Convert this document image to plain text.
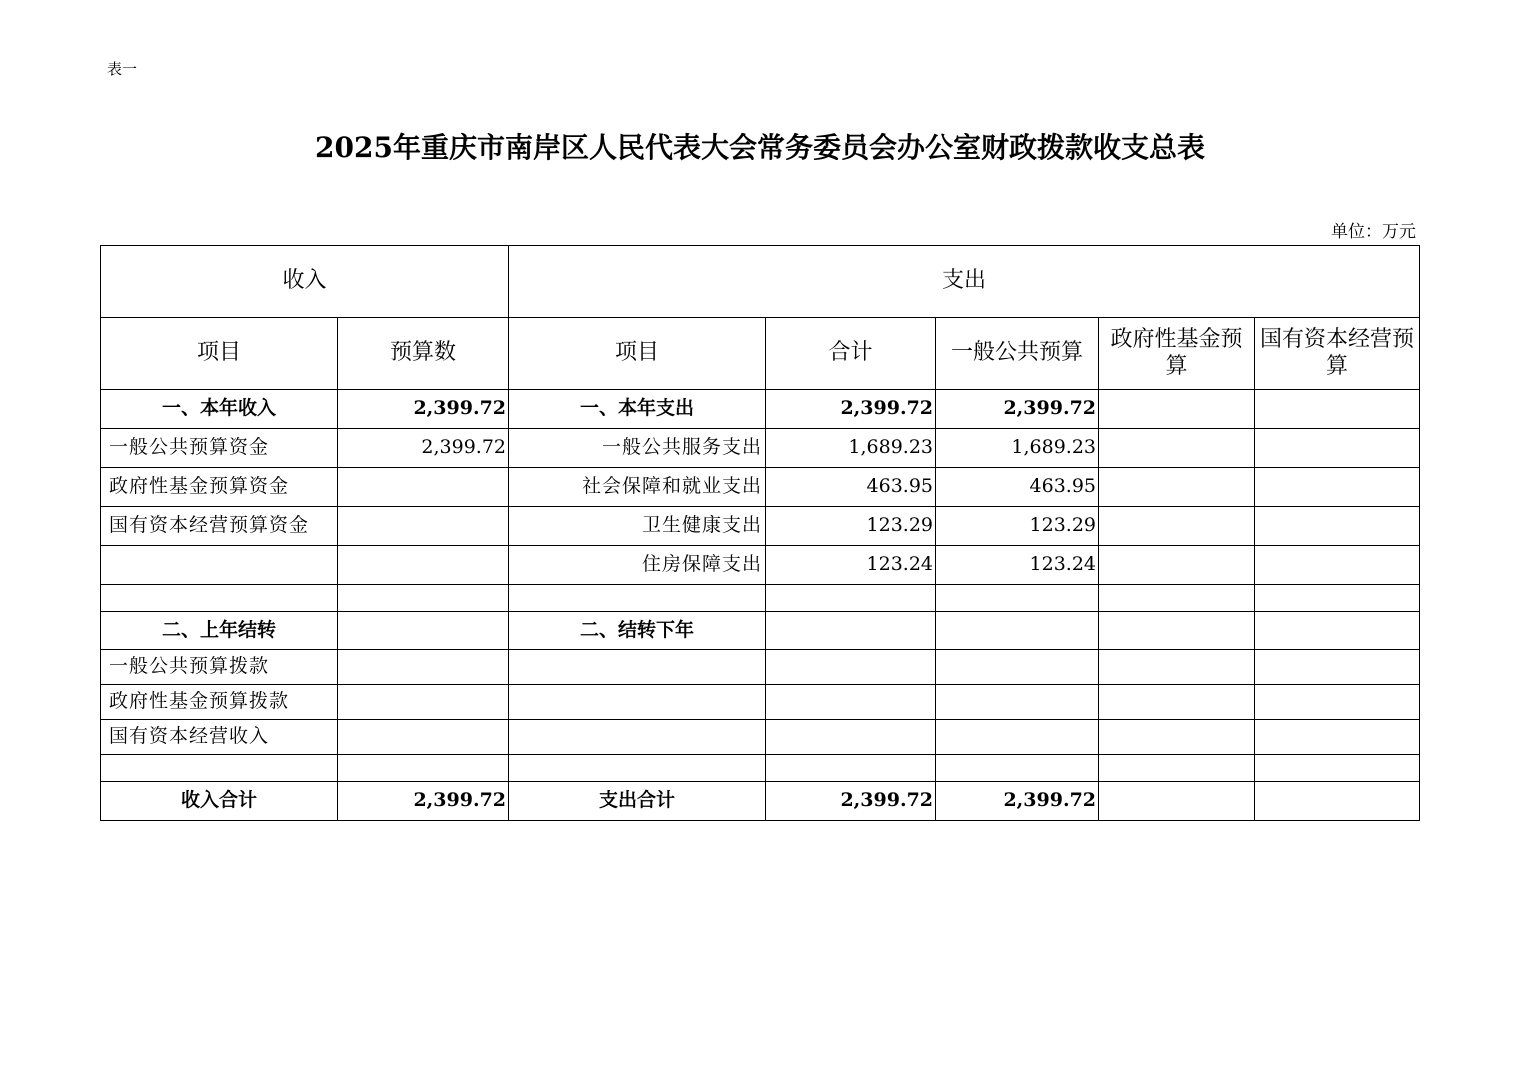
表一
2025年重庆市南岸区人民代表大会常务委员会办公室财政拨款收支总表
单位：万元
收入		支出				
项目	预算数	项目	合计	一般公共预算	政府性基金预算	国有资本经营预算
一、本年收入	2,399.72	一、本年支出	2,399.72	2,399.72		
一般公共预算资金	2,399.72	一般公共服务支出	1,689.23	1,689.23		
政府性基金预算资金		社会保障和就业支出	463.95	463.95		
国有资本经营预算资金		卫生健康支出	123.29	123.29		
		住房保障支出	123.24	123.24		

二、上年结转		二、结转下年				
一般公共预算拨款						
政府性基金预算拨款						
国有资本经营收入						

收入合计	2,399.72	支出合计	2,399.72	2,399.72		
